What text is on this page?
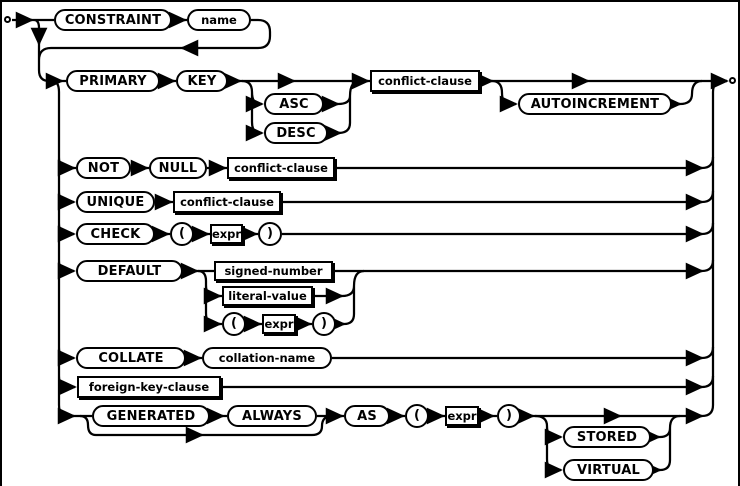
CONSTRAINT	name
PRIMARY	KEY
ASC
DESC
conflict-clause
AUTOINCREMENT
NOT	NULL	conflict-clause
UNIQUE	conflict-clause
CHECK	(	expr	)
DEFAULT	signed-number
literal-value
(	expr	)
COLLATE	collation-name
foreign-key-clause
GENERATED	ALWAYS	AS	(	expr	)
STORED
VIRTUAL
